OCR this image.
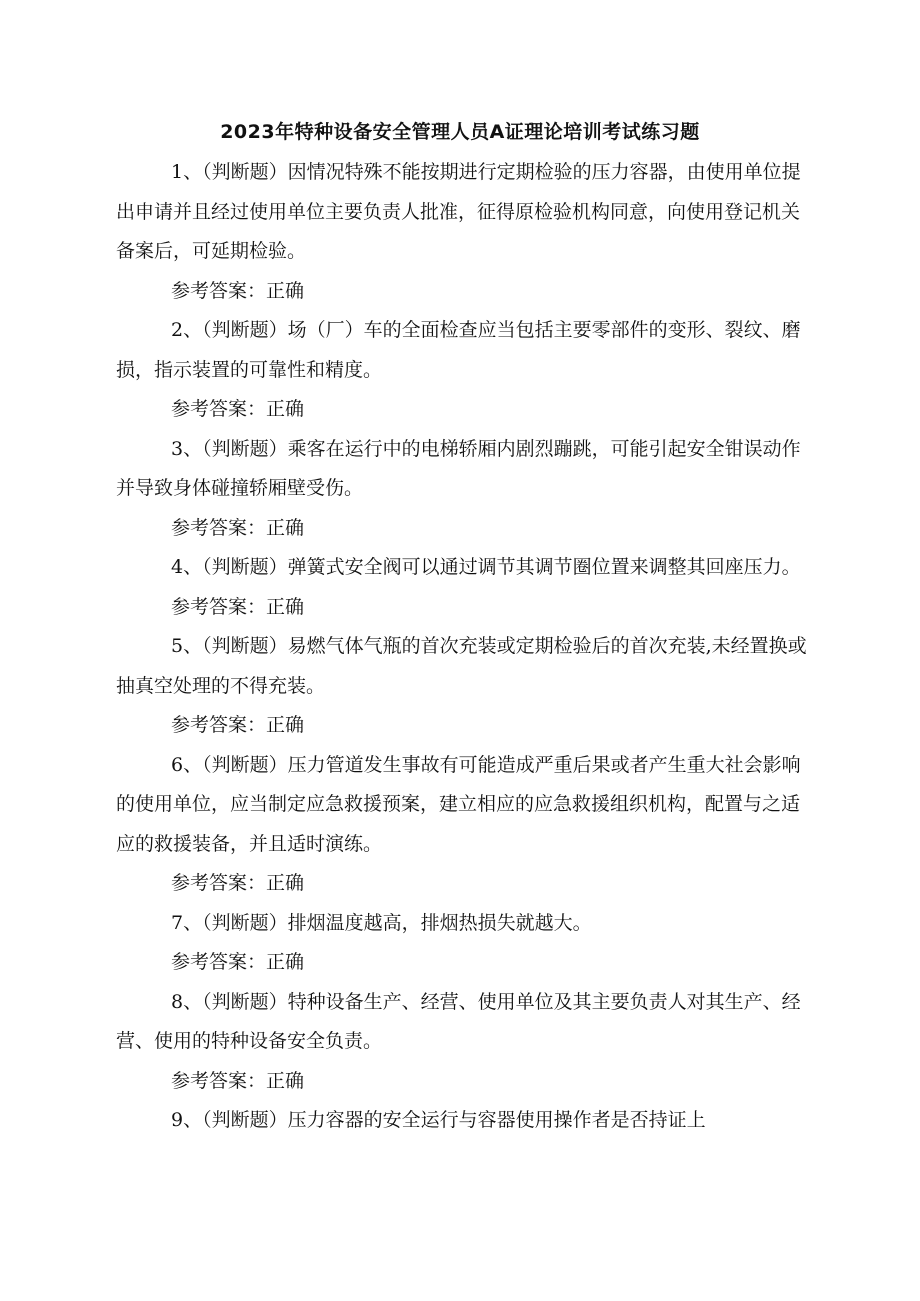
2023年特种设备安全管理人员A证理论培训考试练习题

1、（判断题）因情况特殊不能按期进行定期检验的压力容器，由使用单位提出申请并且经过使用单位主要负责人批准，征得原检验机构同意，向使用登记机关备案后，可延期检验。

参考答案：正确

2、（判断题）场（厂）车的全面检查应当包括主要零部件的变形、裂纹、磨损，指示装置的可靠性和精度。

参考答案：正确

3、（判断题）乘客在运行中的电梯轿厢内剧烈蹦跳，可能引起安全钳误动作并导致身体碰撞轿厢壁受伤。

参考答案：正确

4、（判断题）弹簧式安全阀可以通过调节其调节圈位置来调整其回座压力。

参考答案：正确

5、（判断题）易燃气体气瓶的首次充装或定期检验后的首次充装,未经置换或抽真空处理的不得充装。

参考答案：正确

6、（判断题）压力管道发生事故有可能造成严重后果或者产生重大社会影响的使用单位，应当制定应急救援预案，建立相应的应急救援组织机构，配置与之适应的救援装备，并且适时演练。

参考答案：正确

7、（判断题）排烟温度越高，排烟热损失就越大。

参考答案：正确

8、（判断题）特种设备生产、经营、使用单位及其主要负责人对其生产、经营、使用的特种设备安全负责。

参考答案：正确

9、（判断题）压力容器的安全运行与容器使用操作者是否持证上
